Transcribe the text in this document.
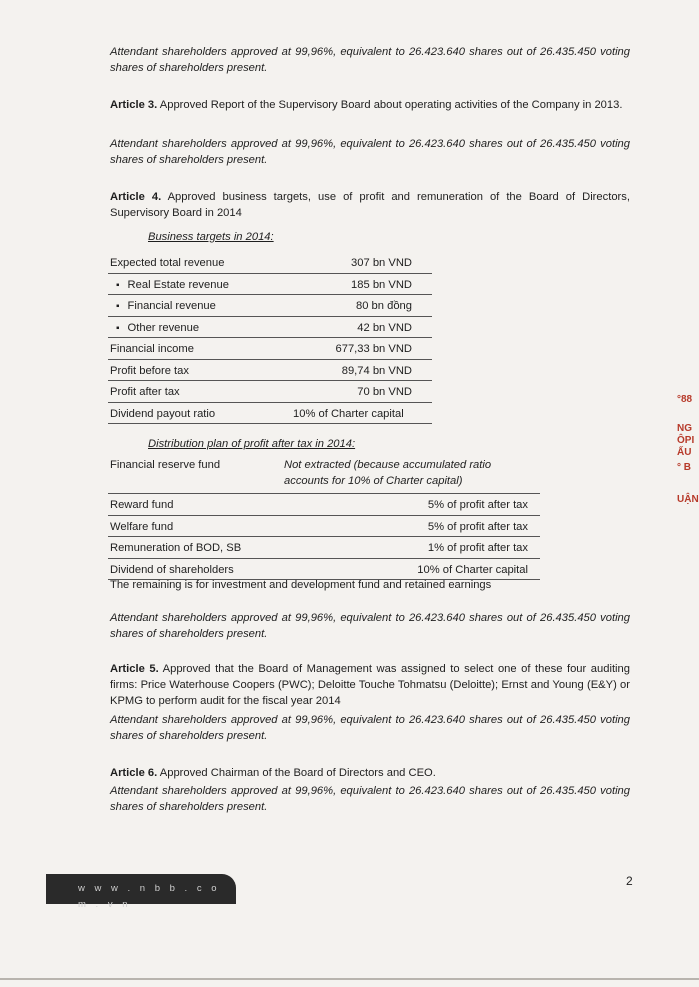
Attendant shareholders approved at 99,96%, equivalent to 26.423.640 shares out of 26.435.450 voting shares of shareholders present.
Article 3. Approved Report of the Supervisory Board about operating activities of the Company in 2013.
Attendant shareholders approved at 99,96%, equivalent to 26.423.640 shares out of 26.435.450 voting shares of shareholders present.
Article 4. Approved business targets, use of profit and remuneration of the Board of Directors, Supervisory Board in 2014
Business targets in 2014:
Expected total revenue	307 bn VND
▪ Real Estate revenue	185 bn VND
▪ Financial revenue	80 bn đồng
▪ Other revenue	42 bn VND
Financial income	677,33 bn VND
Profit before tax	89,74 bn VND
Profit after tax	70 bn VND
Dividend payout ratio	10% of Charter capital
Distribution plan of profit after tax in 2014:
Financial reserve fund	Not extracted (because accumulated ratio accounts for 10% of Charter capital)
Reward fund	5% of profit after tax
Welfare fund	5% of profit after tax
Remuneration of BOD, SB	1% of profit after tax
Dividend of shareholders	10% of Charter capital
The remaining is for investment and development fund and retained earnings
Attendant shareholders approved at 99,96%, equivalent to 26.423.640 shares out of 26.435.450 voting shares of shareholders present.
Article 5. Approved that the Board of Management was assigned to select one of these four auditing firms: Price Waterhouse Coopers (PWC); Deloitte Touche Tohmatsu (Deloitte); Ernst and Young (E&Y) or KPMG to perform audit for the fiscal year 2014
Attendant shareholders approved at 99,96%, equivalent to 26.423.640 shares out of 26.435.450 voting shares of shareholders present.
Article 6. Approved Chairman of the Board of Directors and CEO.
Attendant shareholders approved at 99,96%, equivalent to 26.423.640 shares out of 26.435.450 voting shares of shareholders present.
w w w . n b b . c o m . v n
2
°88
NG
ÔPI
ẤU
° B
UẬN
